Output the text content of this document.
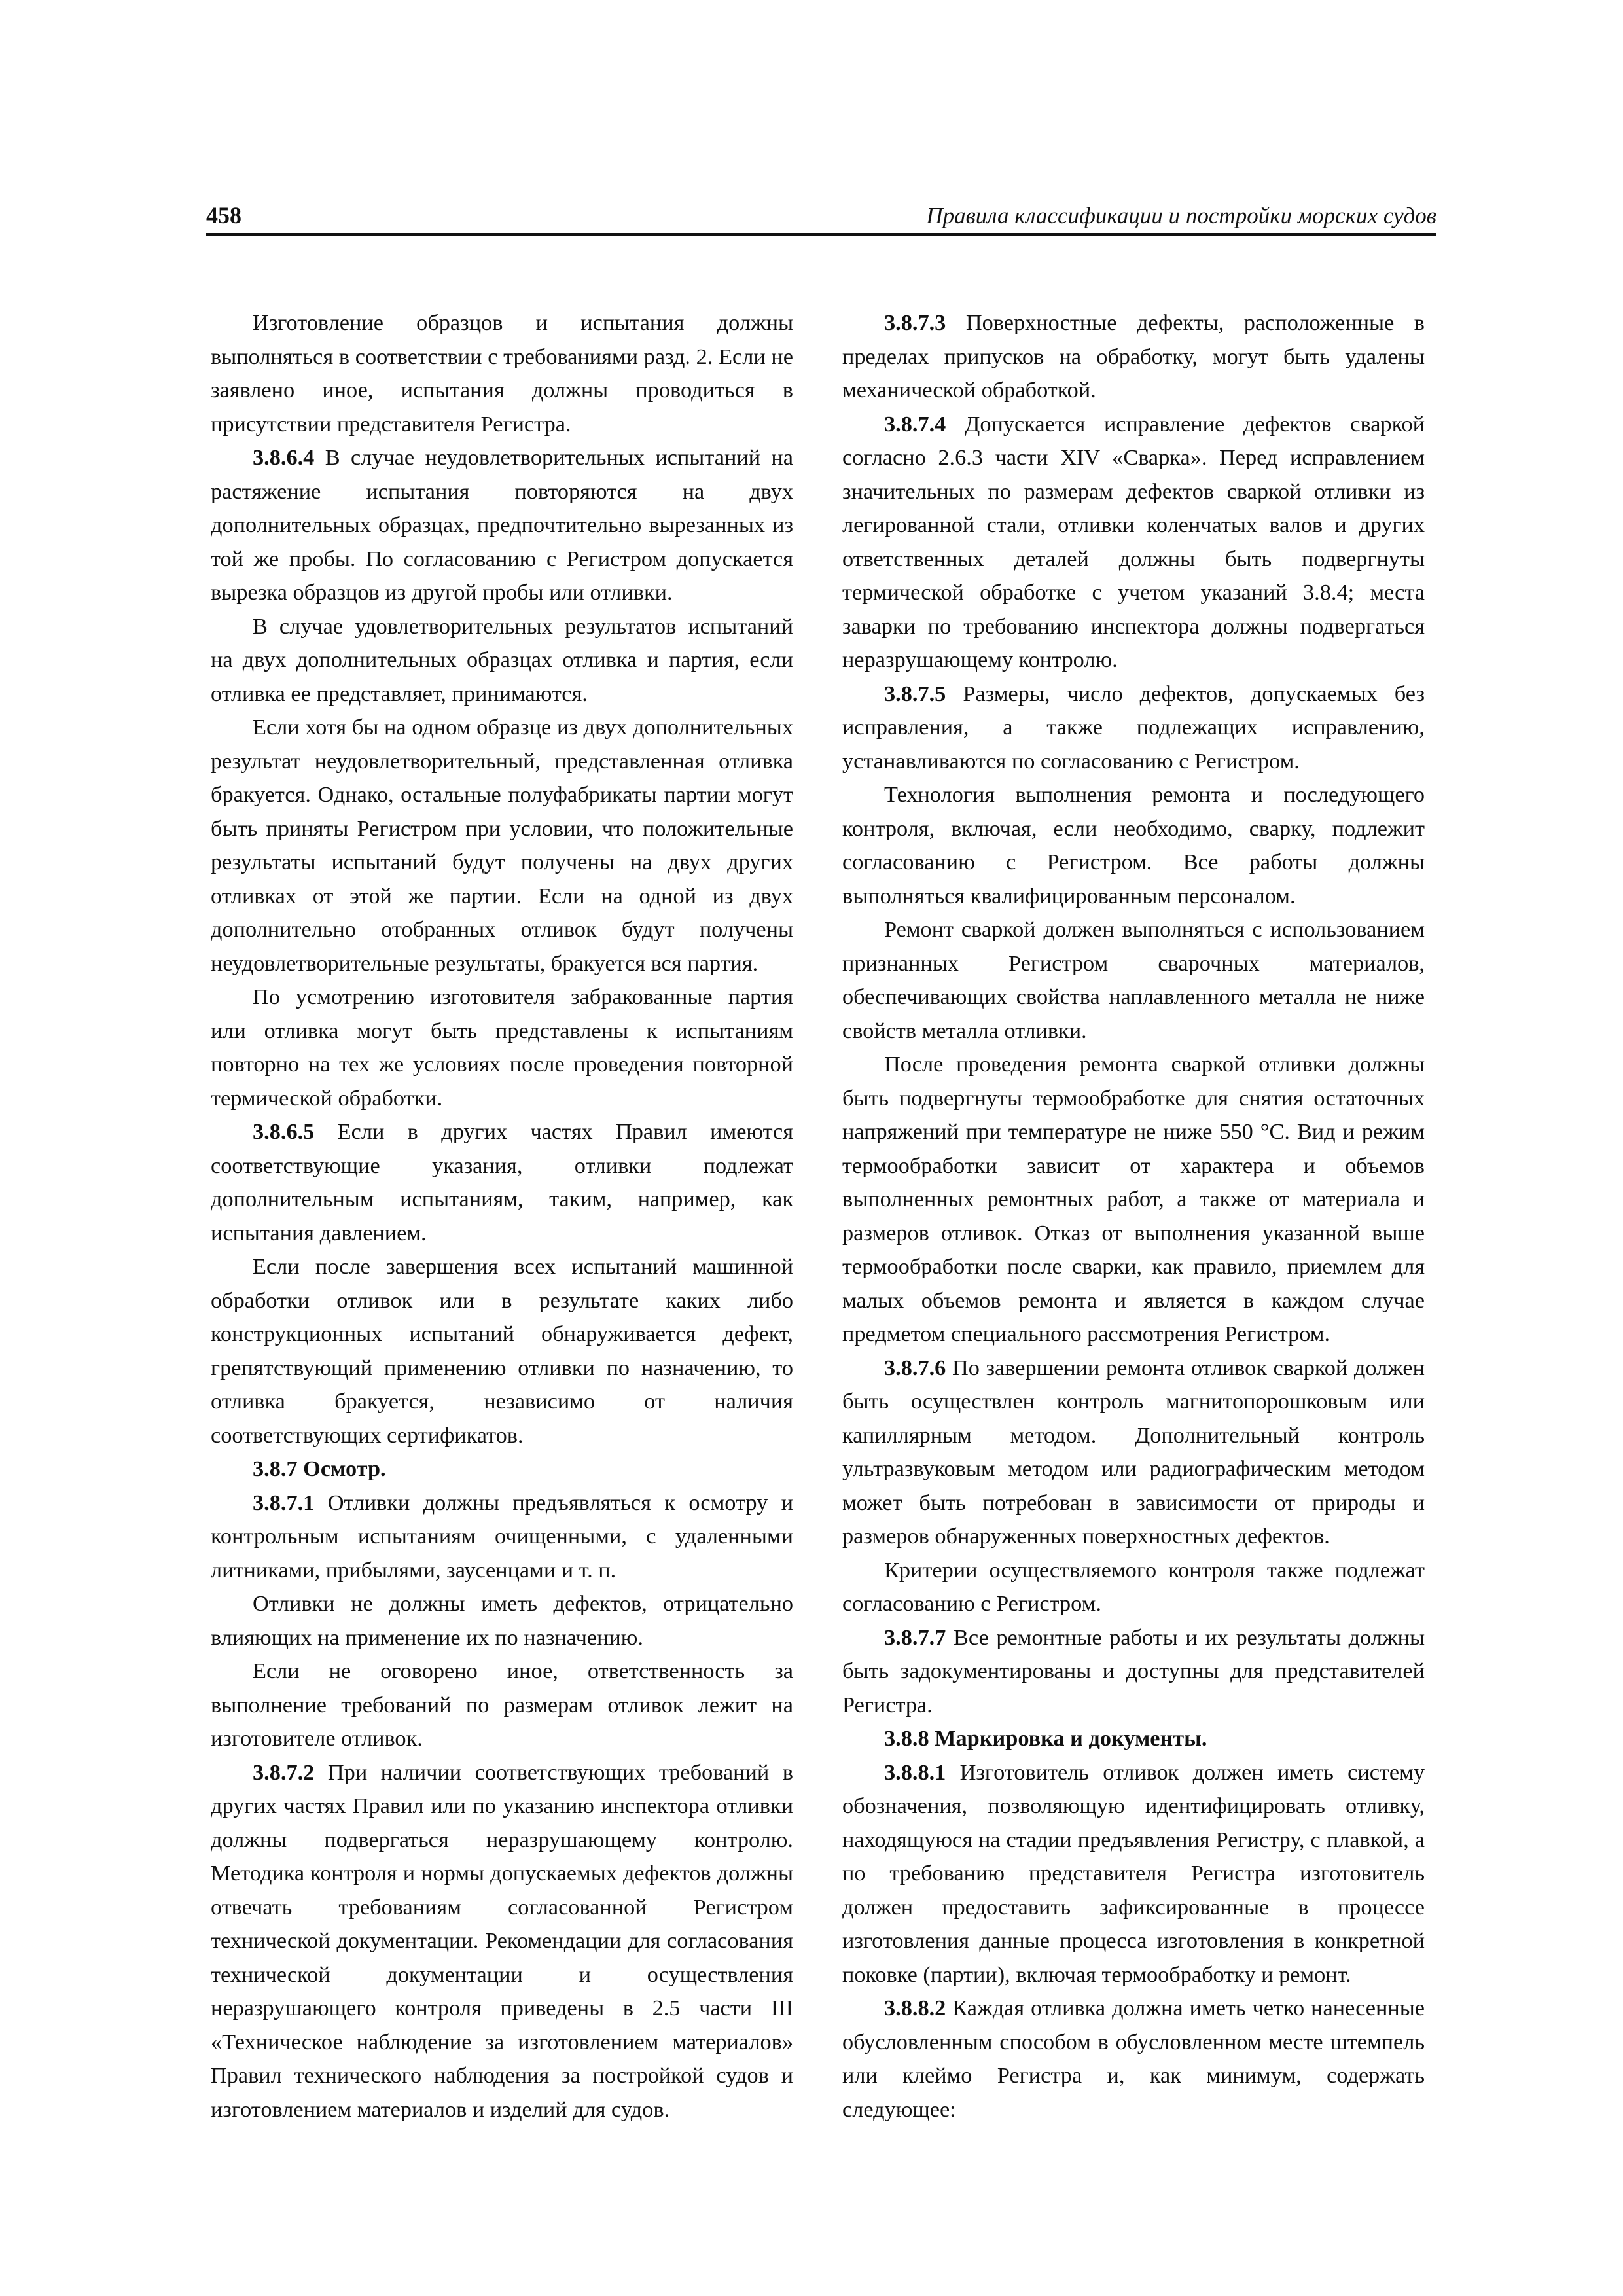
458	Правила классификации и постройки морских судов

Изготовление образцов и испытания должны выполняться в соответствии с требованиями разд. 2. Если не заявлено иное, испытания должны проводиться в присутствии представителя Регистра.

3.8.6.4 В случае неудовлетворительных испытаний на растяжение испытания повторяются на двух дополнительных образцах, предпочтительно вырезанных из той же пробы. По согласованию с Регистром допускается вырезка образцов из другой пробы или отливки.

В случае удовлетворительных результатов испытаний на двух дополнительных образцах отливка и партия, если отливка ее представляет, принимаются.

Если хотя бы на одном образце из двух дополнительных результат неудовлетворительный, представленная отливка бракуется. Однако, остальные полуфабрикаты партии могут быть приняты Регистром при условии, что положительные результаты испытаний будут получены на двух других отливках от этой же партии. Если на одной из двух дополнительно отобранных отливок будут получены неудовлетворительные результаты, бракуется вся партия.

По усмотрению изготовителя забракованные партия или отливка могут быть представлены к испытаниям повторно на тех же условиях после проведения повторной термической обработки.

3.8.6.5 Если в других частях Правил имеются соответствующие указания, отливки подлежат дополнительным испытаниям, таким, например, как испытания давлением.

Если после завершения всех испытаний машинной обработки отливок или в результате каких либо конструкционных испытаний обнаруживается дефект, грепятствующий применению отливки по назначению, то отливка бракуется, независимо от наличия соответствующих сертификатов.

3.8.7 Осмотр.

3.8.7.1 Отливки должны предъявляться к осмотру и контрольным испытаниям очищенными, с удаленными литниками, прибылями, заусенцами и т. п.

Отливки не должны иметь дефектов, отрицательно влияющих на применение их по назначению.

Если не оговорено иное, ответственность за выполнение требований по размерам отливок лежит на изготовителе отливок.

3.8.7.2 При наличии соответствующих требований в других частях Правил или по указанию инспектора отливки должны подвергаться неразрушающему контролю. Методика контроля и нормы допускаемых дефектов должны отвечать требованиям согласованной Регистром технической документации. Рекомендации для согласования технической документации и осуществления неразрушающего контроля приведены в 2.5 части III «Техническое наблюдение за изготовлением материалов» Правил технического наблюдения за постройкой судов и изготовлением материалов и изделий для судов.

3.8.7.3 Поверхностные дефекты, расположенные в пределах припусков на обработку, могут быть удалены механической обработкой.

3.8.7.4 Допускается исправление дефектов сваркой согласно 2.6.3 части XIV «Сварка». Перед исправлением значительных по размерам дефектов сваркой отливки из легированной стали, отливки коленчатых валов и других ответственных деталей должны быть подвергнуты термической обработке с учетом указаний 3.8.4; места заварки по требованию инспектора должны подвергаться неразрушающему контролю.

3.8.7.5 Размеры, число дефектов, допускаемых без исправления, а также подлежащих исправлению, устанавливаются по согласованию с Регистром.

Технология выполнения ремонта и последующего контроля, включая, если необходимо, сварку, подлежит согласованию с Регистром. Все работы должны выполняться квалифицированным персоналом.

Ремонт сваркой должен выполняться с использованием признанных Регистром сварочных материалов, обеспечивающих свойства наплавленного металла не ниже свойств металла отливки.

После проведения ремонта сваркой отливки должны быть подвергнуты термообработке для снятия остаточных напряжений при температуре не ниже 550 °С. Вид и режим термообработки зависит от характера и объемов выполненных ремонтных работ, а также от материала и размеров отливок. Отказ от выполнения указанной выше термообработки после сварки, как правило, приемлем для малых объемов ремонта и является в каждом случае предметом специального рассмотрения Регистром.

3.8.7.6 По завершении ремонта отливок сваркой должен быть осуществлен контроль магнитопорошковым или капиллярным методом. Дополнительный контроль ультразвуковым методом или радиографическим методом может быть потребован в зависимости от природы и размеров обнаруженных поверхностных дефектов.

Критерии осуществляемого контроля также подлежат согласованию с Регистром.

3.8.7.7 Все ремонтные работы и их результаты должны быть задокументированы и доступны для представителей Регистра.

3.8.8 Маркировка и документы.

3.8.8.1 Изготовитель отливок должен иметь систему обозначения, позволяющую идентифицировать отливку, находящуюся на стадии предъявления Регистру, с плавкой, а по требованию представителя Регистра изготовитель должен предоставить зафиксированные в процессе изготовления данные процесса изготовления в конкретной поковке (партии), включая термообработку и ремонт.

3.8.8.2 Каждая отливка должна иметь четко нанесенные обусловленным способом в обусловленном месте штемпель или клеймо Регистра и, как минимум, содержать следующее:
